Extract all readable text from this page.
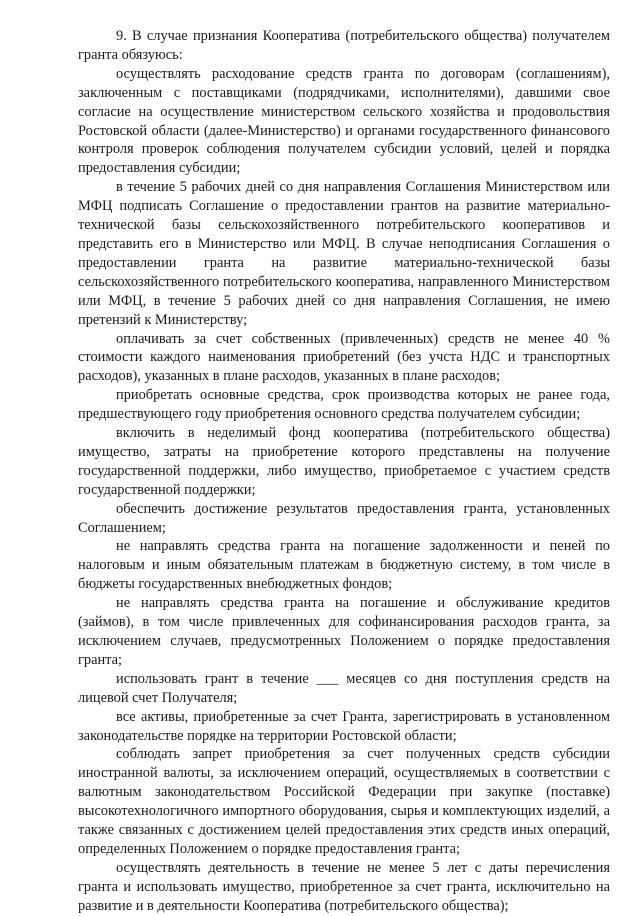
9. В случае признания Кооператива (потребительского общества) получателем гранта обязуюсь:

осуществлять расходование средств гранта по договорам (соглашениям), заключенным с поставщиками (подрядчиками, исполнителями), давшими свое согласие на осуществление министерством сельского хозяйства и продовольствия Ростовской области (далее-Министерство) и органами государственного финансового контроля проверок соблюдения получателем субсидии условий, целей и порядка предоставления субсидии;

в течение 5 рабочих дней со дня направления Соглашения Министерством или МФЦ подписать Соглашение о предоставлении грантов на развитие материально-технической базы сельскохозяйственного потребительского кооперативов и представить его в Министерство или МФЦ. В случае неподписания Соглашения о предоставлении гранта на развитие материально-технической базы сельскохозяйственного потребительского кооператива, направленного Министерством или МФЦ, в течение 5 рабочих дней со дня направления Соглашения, не имею претензий к Министерству;

оплачивать за счет собственных (привлеченных) средств не менее 40 % стоимости каждого наименования приобретений (без учста НДС и транспортных расходов), указанных в плане расходов, указанных в плане расходов;

приобретать основные средства, срок производства которых не ранее года, предшествующего году приобретения основного средства получателем субсидии;

включить в неделимый фонд кооператива (потребительского общества) имущество, затраты на приобретение которого представлены на получение государственной поддержки, либо имущество, приобретаемое с участием средств государственной поддержки;

обеспечить достижение результатов предоставления гранта, установленных Соглашением;

не направлять средства гранта на погашение задолженности и пеней по налоговым и иным обязательным платежам в бюджетную систему, в том числе в бюджеты государственных внебюджетных фондов;

не направлять средства гранта на погашение и обслуживание кредитов (займов), в том числе привлеченных для софинансирования расходов гранта, за исключением случаев, предусмотренных Положением о порядке предоставления гранта;

использовать грант в течение ___ месяцев со дня поступления средств на лицевой счет Получателя;

все активы, приобретенные за счет Гранта, зарегистрировать в установленном законодательстве порядке на территории Ростовской области;

соблюдать запрет приобретения за счет полученных средств субсидии иностранной валюты, за исключением операций, осуществляемых в соответствии с валютным законодательством Российской Федерации при закупке (поставке) высокотехнологичного импортного оборудования, сырья и комплектующих изделий, а также связанных с достижением целей предоставления этих средств иных операций, определенных Положением о порядке предоставления гранта;

осуществлять деятельность в течение не менее 5 лет с даты перечисления гранта и использовать имущество, приобретенное за счет гранта, исключительно на развитие и в деятельности Кооператива (потребительского общества);
